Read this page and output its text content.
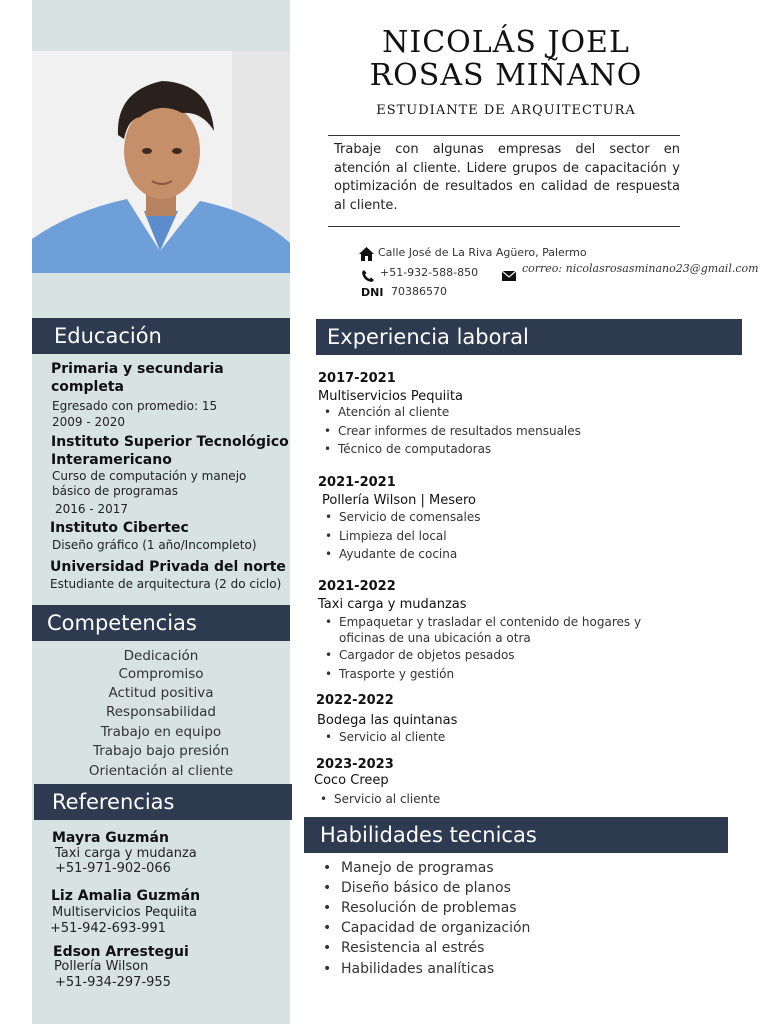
NICOLÁS JOEL
ROSAS MIÑANO
ESTUDIANTE DE ARQUITECTURA
Trabaje con algunas empresas del sector en atención al cliente. Lidere grupos de capacitación y optimización de resultados en calidad de respuesta al cliente.
Calle José de La Riva Agüero, Palermo
+51-932-588-850	correo: nicolasrosasminano23@gmail.com
DNI 70386570
Educación
Primaria y secundaria
completa
Egresado con promedio: 15
2009 - 2020
Instituto Superior Tecnológico
Interamericano
Curso de computación y manejo
básico de programas
2016 - 2017
Instituto Cibertec
Diseño gráfico (1 año/Incompleto)
Universidad Privada del norte
Estudiante de arquitectura (2 do ciclo)
Competencias
Dedicación
Compromiso
Actitud positiva
Responsabilidad
Trabajo en equipo
Trabajo bajo presión
Orientación al cliente
Referencias
Mayra Guzmán
Taxi carga y mudanza
+51-971-902-066
Liz Amalia Guzmán
Multiservicios Pequiita
+51-942-693-991
Edson Arrestegui
Pollería Wilson
+51-934-297-955
Experiencia laboral
2017-2021
Multiservicios Pequiita
• Atención al cliente
• Crear informes de resultados mensuales
• Técnico de computadoras
2021-2021
Pollería Wilson | Mesero
• Servicio de comensales
• Limpieza del local
• Ayudante de cocina
2021-2022
Taxi carga y mudanzas
• Empaquetar y trasladar el contenido de hogares y
oficinas de una ubicación a otra
• Cargador de objetos pesados
• Trasporte y gestión
2022-2022
Bodega las quintanas
• Servicio al cliente
2023-2023
Coco Creep
• Servicio al cliente
Habilidades tecnicas
• Manejo de programas
• Diseño básico de planos
• Resolución de problemas
• Capacidad de organización
• Resistencia al estrés
• Habilidades analíticas
